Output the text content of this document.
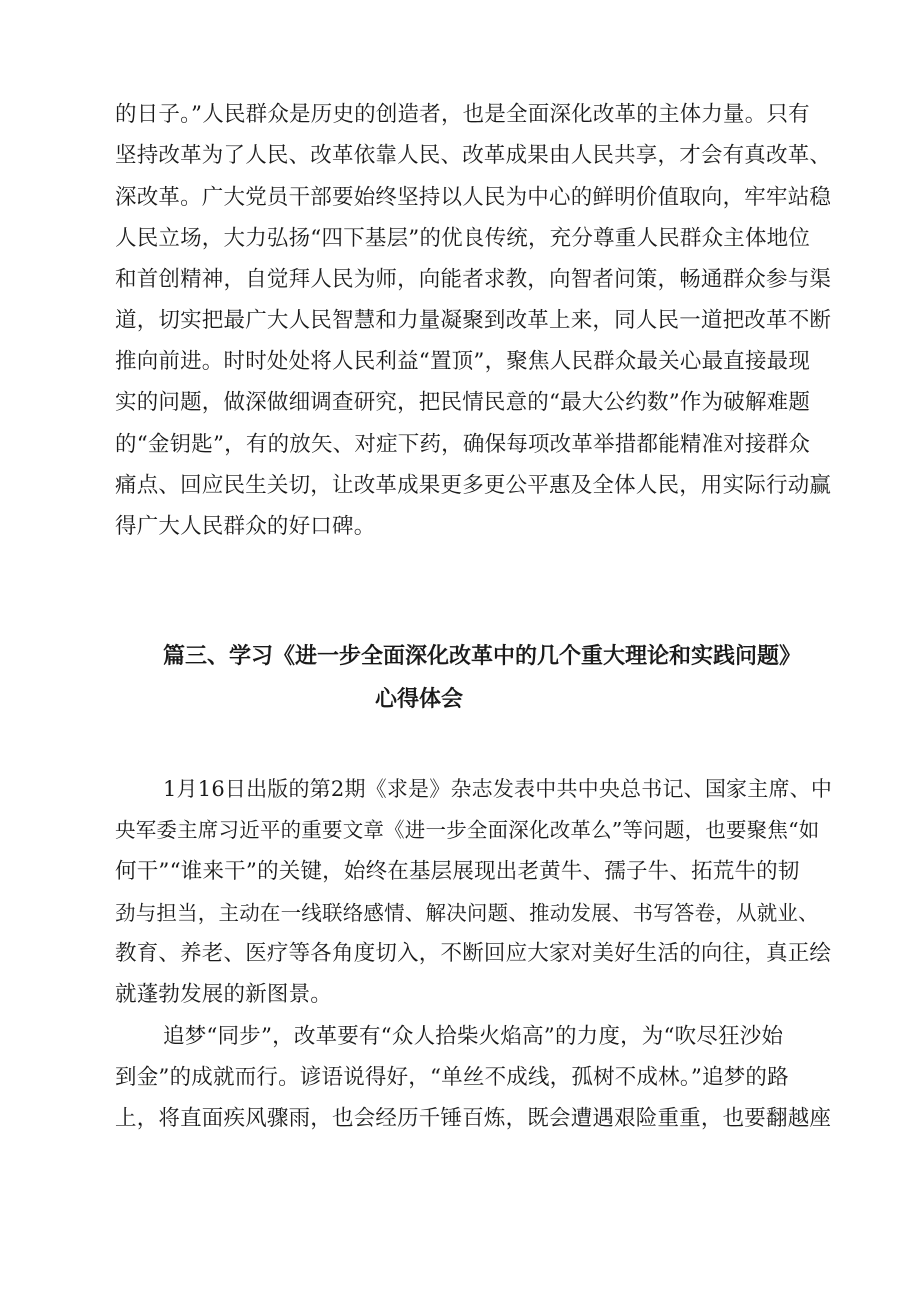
的日子。”人民群众是历史的创造者，也是全面深化改革的主体力量。只有
坚持改革为了人民、改革依靠人民、改革成果由人民共享，才会有真改革、
深改革。广大党员干部要始终坚持以人民为中心的鲜明价值取向，牢牢站稳
人民立场，大力弘扬“四下基层”的优良传统，充分尊重人民群众主体地位
和首创精神，自觉拜人民为师，向能者求教，向智者问策，畅通群众参与渠
道，切实把最广大人民智慧和力量凝聚到改革上来，同人民一道把改革不断
推向前进。时时处处将人民利益“置顶”，聚焦人民群众最关心最直接最现
实的问题，做深做细调查研究，把民情民意的“最大公约数”作为破解难题
的“金钥匙”，有的放矢、对症下药，确保每项改革举措都能精准对接群众
痛点、回应民生关切，让改革成果更多更公平惠及全体人民，用实际行动赢
得广大人民群众的好口碑。
篇三、学习《进一步全面深化改革中的几个重大理论和实践问题》
心得体会
1月16日出版的第2期《求是》杂志发表中共中央总书记、国家主席、中
央军委主席习近平的重要文章《进一步全面深化改革么”等问题，也要聚焦“如
何干”“谁来干”的关键，始终在基层展现出老黄牛、孺子牛、拓荒牛的韧
劲与担当，主动在一线联络感情、解决问题、推动发展、书写答卷，从就业、
教育、养老、医疗等各角度切入，不断回应大家对美好生活的向往，真正绘
就蓬勃发展的新图景。
追梦“同步”，改革要有“众人拾柴火焰高”的力度，为“吹尽狂沙始
到金”的成就而行。谚语说得好，“单丝不成线，孤树不成林。”追梦的路
上，将直面疾风骤雨，也会经历千锤百炼，既会遭遇艰险重重，也要翻越座
